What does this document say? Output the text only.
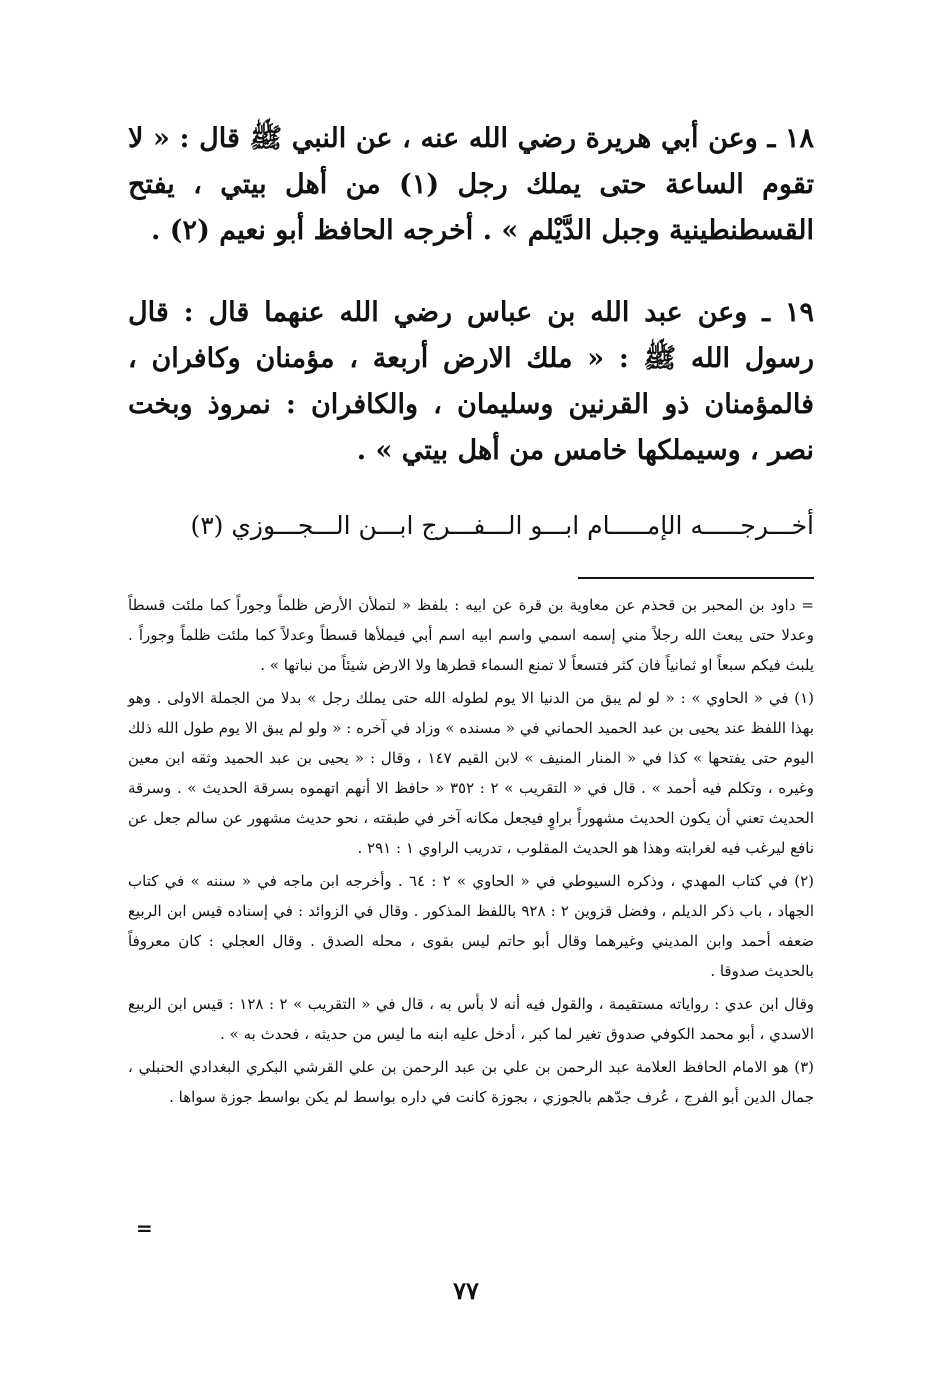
١٨ ـ وعن أبي هريرة رضي الله عنه ، عن النبي ﷺ قال : « لا تقوم الساعة حتى يملك رجل (١) من أهل بيتي ، يفتح القسطنطينية وجبل الدَّيْلم » . أخرجه الحافظ أبو نعيم (٢) .

١٩ ـ وعن عبد الله بن عباس رضي الله عنهما قال : قال رسول الله ﷺ : « ملك الارض أربعة ، مؤمنان وكافران ، فالمؤمنان ذو القرنين وسليمان ، والكافران : نمروذ وبخت نصر ، وسيملكها خامس من أهل بيتي » .

أخـــرجـــــه الإمـــــام ابـــو الـــفـــرج ابـــن الـــجـــوزي (٣)

= داود بن المحبر بن قحذم عن معاوية بن قرة عن ابيه : بلفظ « لتملأن الأرض ظلماً وجوراً كما ملئت قسطاً وعدلا حتى يبعث الله رجلاً مني إسمه اسمي واسم ابيه اسم أبي فيملأها قسطاً وعدلاً كما ملئت ظلماً وجوراً . يلبث فيكم سبعاً او ثمانياً فان كثر فتسعاً لا تمنع السماء قطرها ولا الارض شيئاً من نباتها » .

(١) في « الحاوي » : « لو لم يبق من الدنيا الا يوم لطوله الله حتى يملك رجل » بدلا من الجملة الاولى . وهو بهذا اللفظ عند يحيى بن عبد الحميد الحماني في « مسنده » وزاد في آخره : « ولو لم يبق الا يوم طول الله ذلك اليوم حتى يفتحها » كذا في « المنار المنيف » لابن القيم ١٤٧ ، وقال : « يحيى بن عبد الحميد وثقه ابن معين وغيره ، وتكلم فيه أحمد » . قال في « التقريب » ٢ : ٣٥٢ « حافظ الا أنهم اتهموه بسرقة الحديث » . وسرقة الحديث تعني أن يكون الحديث مشهوراً براوٍ فيجعل مكانه آخر في طبقته ، نحو حديث مشهور عن سالم جعل عن نافع ليرغب فيه لغرابته وهذا هو الحديث المقلوب ، تدريب الراوي ١ : ٢٩١ .

(٢) في كتاب المهدي ، وذكره السيوطي في « الحاوي » ٢ : ٦٤ . وأخرجه ابن ماجه في « سننه » في كتاب الجهاد ، باب ذكر الديلم ، وفضل قزوين ٢ : ٩٢٨ باللفظ المذكور . وقال في الزوائد : في إسناده قيس ابن الربيع ضعفه أحمد وابن المديني وغيرهما وقال أبو حاتم ليس بقوى ، محله الصدق . وقال العجلي : كان معروفاً بالحديث صدوقا .

وقال ابن عدي : رواياته مستقيمة ، والقول فيه أنه لا بأس به ، قال في « التقريب » ٢ : ١٢٨ : قيس ابن الربيع الاسدي ، أبو محمد الكوفي صدوق تغير لما كبر ، أدخل عليه ابنه ما ليس من حديثه ، فحدث به » .

(٣) هو الامام الحافظ العلامة عبد الرحمن بن علي بن عبد الرحمن بن علي القرشي البكري البغدادي الحنبلي ، جمال الدين أبو الفرج ، عُرف جدّهم بالجوزي ، بجوزة كانت في داره بواسط لم يكن بواسط جوزة سواها .

=
٧٧
